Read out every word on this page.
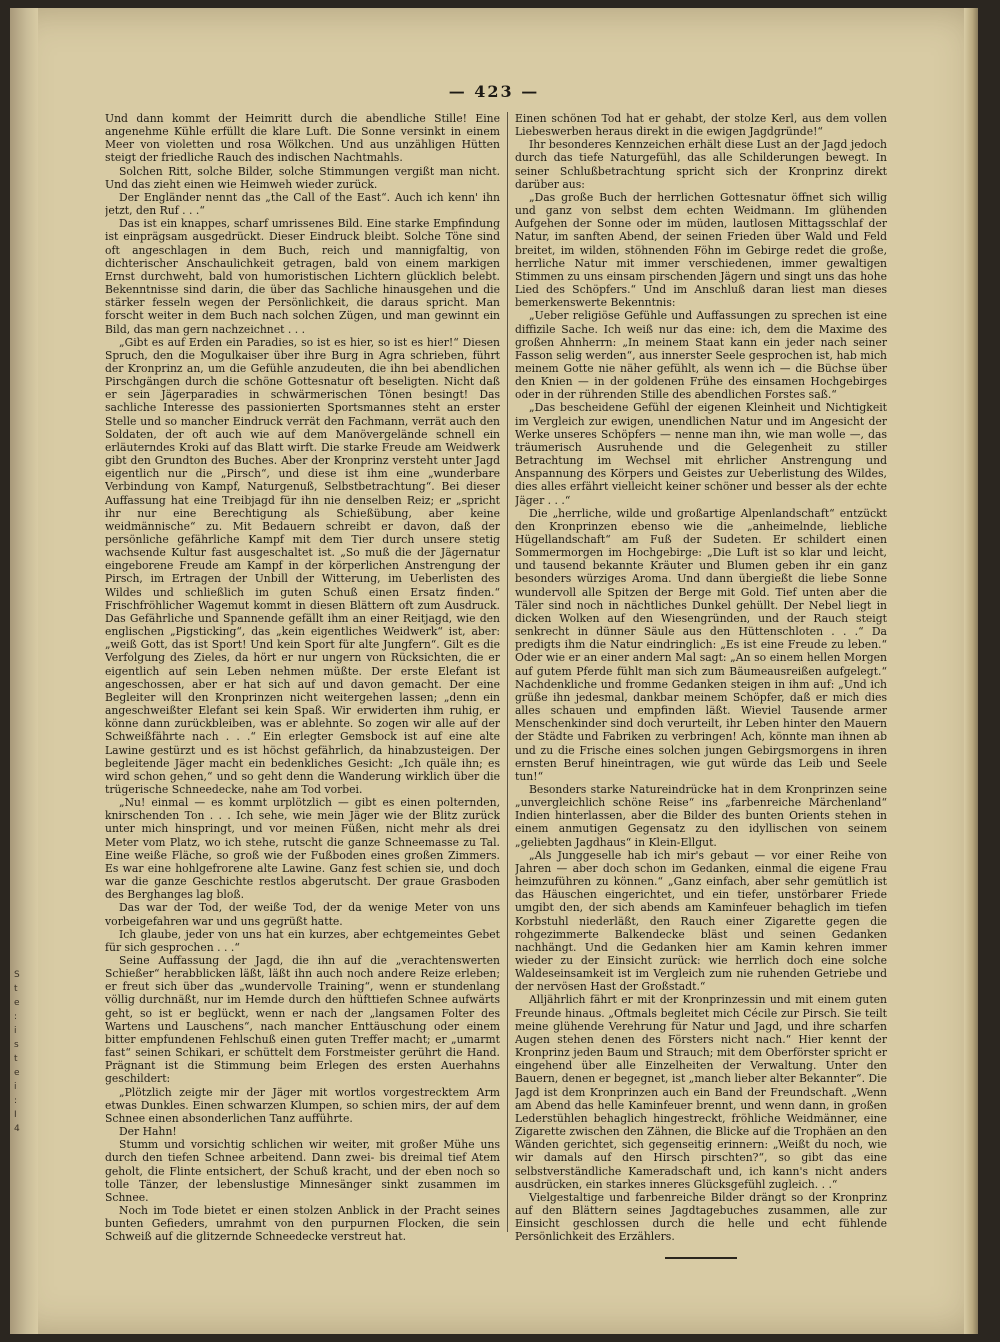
S
t
e
:
i
s
t
e
i
:
I
4
— 423 —

Und dann kommt der Heimritt durch die abendliche Stille! Eine angenehme Kühle erfüllt die klare Luft. Die Sonne versinkt in einem Meer von violetten und rosa Wölkchen. Und aus unzähligen Hütten steigt der friedliche Rauch des indischen Nachtmahls.

Solchen Ritt, solche Bilder, solche Stimmungen vergißt man nicht. Und das zieht einen wie Heimweh wieder zurück.

Der Engländer nennt das „the Call of the East“. Auch ich kenn' ihn jetzt, den Ruf . . .“

Das ist ein knappes, scharf umrissenes Bild. Eine starke Empfindung ist einprägsam ausgedrückt. Dieser Eindruck bleibt. Solche Töne sind oft angeschlagen in dem Buch, reich und mannigfaltig, von dichterischer Anschaulichkeit getragen, bald von einem markigen Ernst durchweht, bald von humoristischen Lichtern glücklich belebt. Bekenntnisse sind darin, die über das Sachliche hinausgehen und die stärker fesseln wegen der Persönlichkeit, die daraus spricht. Man forscht weiter in dem Buch nach solchen Zügen, und man gewinnt ein Bild, das man gern nachzeichnet . . .

„Gibt es auf Erden ein Paradies, so ist es hier, so ist es hier!“ Diesen Spruch, den die Mogulkaiser über ihre Burg in Agra schrieben, führt der Kronprinz an, um die Gefühle anzudeuten, die ihn bei abendlichen Pirschgängen durch die schöne Gottesnatur oft beseligten. Nicht daß er sein Jägerparadies in schwärmerischen Tönen besingt! Das sachliche Interesse des passioniertеn Sportsmannes steht an erster Stelle und so mancher Eindruck verrät den Fachmann, verrät auch den Soldaten, der oft auch wie auf dem Manövergelände schnell ein erläuterndes Kroki auf das Blatt wirft. Die starke Freude am Weidwerk gibt den Grundton des Buches. Aber der Kronprinz versteht unter Jagd eigentlich nur die „Pirsch“, und diese ist ihm eine „wunderbare Verbindung von Kampf, Naturgenuß, Selbstbetrachtung“. Bei dieser Auffassung hat eine Treibjagd für ihn nie denselben Reiz; er „spricht ihr nur eine Berechtigung als Schießübung, aber keine weidmännische“ zu. Mit Bedauern schreibt er davon, daß der persönliche gefährliche Kampf mit dem Tier durch unsere stetig wachsende Kultur fast ausgeschaltet ist. „So muß die der Jägernatur eingeborene Freude am Kampf in der körperlichen Anstrengung der Pirsch, im Ertragen der Unbill der Witterung, im Ueberlisten des Wildes und schließlich im guten Schuß einen Ersatz finden.“ Frischfröhlicher Wagemut kommt in diesen Blättern oft zum Ausdruck. Das Gefährliche und Spannende gefällt ihm an einer Reitjagd, wie den englischen „Pigsticking“, das „kein eigentliches Weidwerk“ ist, aber: „weiß Gott, das ist Sport! Und kein Sport für alte Jungfern“. Gilt es die Verfolgung des Zieles, da hört er nur ungern von Rücksichten, die er eigentlich auf sein Leben nehmen müßte. Der erste Elefant ist angeschossen, aber er hat sich auf und davon gemacht. Der eine Begleiter will den Kronprinzen nicht weitergehen lassen; „denn ein angeschweißter Elefant sei kein Spaß. Wir erwiderten ihm ruhig, er könne dann zurückbleiben, was er ablehnte. So zogen wir alle auf der Schweißfährte nach . . .“ Ein erlegter Gemsbock ist auf eine alte Lawine gestürzt und es ist höchst gefährlich, da hinabzusteigen. Der begleitende Jäger macht ein bedenkliches Gesicht: „Ich quäle ihn; es wird schon gehen,“ und so geht denn die Wanderung wirklich über die trügerische Schneedecke, nahe am Tod vorbei.

„Nu! einmal — es kommt urplötzlich — gibt es einen polternden, knirschenden Ton . . . Ich sehe, wie mein Jäger wie der Blitz zurück unter mich hinspringt, und vor meinen Füßen, nicht mehr als drei Meter vom Platz, wo ich stehe, rutscht die ganze Schneemasse zu Tal. Eine weiße Fläche, so groß wie der Fußboden eines großen Zimmers. Es war eine hohlgefrorene alte Lawine. Ganz fest schien sie, und doch war die ganze Geschichte restlos abgerutscht. Der graue Grasboden des Berghanges lag bloß.

Das war der Tod, der weiße Tod, der da wenige Meter von uns vorbeigefahren war und uns gegrüßt hatte.

Ich glaube, jeder von uns hat ein kurzes, aber echtgemeintes Gebet für sich gesprochen . . .“

Seine Auffassung der Jagd, die ihn auf die „verachtenswerten Schießer“ herabblicken läßt, läßt ihn auch noch andere Reize erleben; er freut sich über das „wundervolle Training“, wenn er stundenlang völlig durchnäßt, nur im Hemde durch den hüfttiefen Schnee aufwärts geht, so ist er beglückt, wenn er nach der „langsamen Folter des Wartens und Lauschens“, nach mancher Enttäuschung oder einem bitter empfundenen Fehlschuß einen guten Treffer macht; er „umarmt fast“ seinen Schikari, er schüttelt dem Forstmeister gerührt die Hand. Prägnant ist die Stimmung beim Erlegen des ersten Auerhahns geschildert:

„Plötzlich zeigte mir der Jäger mit wortlos vorgestrecktem Arm etwas Dunkles. Einen schwarzen Klumpen, so schien mirs, der auf dem Schnee einen absonderlichen Tanz aufführte.

Der Hahn!

Stumm und vorsichtig schlichen wir weiter, mit großer Mühe uns durch den tiefen Schnee arbeitend. Dann zwei- bis dreimal tief Atem geholt, die Flinte entsichert, der Schuß kracht, und der eben noch so tolle Tänzer, der lebenslustige Minnesänger sinkt zusammen im Schnee.

Noch im Tode bietet er einen stolzen Anblick in der Pracht seines bunten Gefieders, umrahmt von den purpurnen Flocken, die sein Schweiß auf die glitzernde Schneedecke verstreut hat.

Einen schönen Tod hat er gehabt, der stolze Kerl, aus dem vollen Liebeswerben heraus direkt in die ewigen Jagdgründe!“

Ihr besonderes Kennzeichen erhält diese Lust an der Jagd jedoch durch das tiefe Naturgefühl, das alle Schilderungen bewegt. In seiner Schlußbetrachtung spricht sich der Kronprinz direkt darüber aus:

„Das große Buch der herrlichen Gottesnatur öffnet sich willig und ganz von selbst dem echten Weidmann. Im glühenden Aufgehen der Sonne oder im müden, lautlosen Mittagsschlaf der Natur, im sanften Abend, der seinen Frieden über Wald und Feld breitet, im wilden, stöhnenden Föhn im Gebirge redet die große, herrliche Natur mit immer verschiedenen, immer gewaltigen Stimmen zu uns einsam pirschenden Jägern und singt uns das hohe Lied des Schöpfers.“ Und im Anschluß daran liest man dieses bemerkenswerte Bekenntnis:

„Ueber religiöse Gefühle und Auffassungen zu sprechen ist eine diffizile Sache. Ich weiß nur das eine: ich, dem die Maxime des großen Ahnherrn: „In meinem Staat kann ein jeder nach seiner Fasson selig werden“, aus innerster Seele gesprochen ist, hab mich meinem Gotte nie näher gefühlt, als wenn ich — die Büchse über den Knien — in der goldenen Frühe des einsamen Hochgebirges oder in der rührenden Stille des abendlichen Forstes saß.“

„Das bescheidene Gefühl der eigenen Kleinheit und Nichtigkeit im Vergleich zur ewigen, unendlichen Natur und im Angesicht der Werke unseres Schöpfers — nenne man ihn, wie man wolle —, das träumerisch Ausruhende und die Gelegenheit zu stiller Betrachtung im Wechsel mit ehrlicher Anstrengung und Anspannung des Körpers und Geistes zur Ueberlistung des Wildes, dies alles erfährt vielleicht keiner schöner und besser als der echte Jäger . . .“

Die „herrliche, wilde und großartige Alpenlandschaft“ entzückt den Kronprinzen ebenso wie die „anheimelnde, liebliche Hügellandschaft“ am Fuß der Sudeten. Er schildert einen Sommermorgen im Hochgebirge: „Die Luft ist so klar und leicht, und tausend bekannte Kräuter und Blumen geben ihr ein ganz besonders würziges Aroma. Und dann übergießt die liebe Sonne wundervoll alle Spitzen der Berge mit Gold. Tief unten aber die Täler sind noch in nächtliches Dunkel gehüllt. Der Nebel liegt in dicken Wolken auf den Wiesengründen, und der Rauch steigt senkrecht in dünner Säule aus den Hüttenschloten . . .“ Da predigts ihm die Natur eindringlich: „Es ist eine Freude zu leben.“ Oder wie er an einer andern Mal sagt: „An so einem hellen Morgen auf gutem Pferde fühlt man sich zum Bäumeausreißen aufgelegt.“ Nachdenkliche und fromme Gedanken steigen in ihm auf: „Und ich grüße ihn jedesmal, dankbar meinem Schöpfer, daß er mich dies alles schauen und empfinden läßt. Wieviel Tausende armer Menschenkinder sind doch verurteilt, ihr Leben hinter den Mauern der Städte und Fabriken zu verbringen! Ach, könnte man ihnen ab und zu die Frische eines solchen jungen Gebirgsmorgens in ihren ernsten Beruf hineintragen, wie gut würde das Leib und Seele tun!“

Besonders starke Natureindrücke hat in dem Kronprinzen seine „unvergleichlich schöne Reise“ ins „farbenreiche Märchenland“ Indien hinterlassen, aber die Bilder des bunten Orients stehen in einem anmutigen Gegensatz zu den idyllischen von seinem „geliebten Jagdhaus“ in Klein-Ellgut.

„Als Junggeselle hab ich mir's gebaut — vor einer Reihe von Jahren — aber doch schon im Gedanken, einmal die eigene Frau heimzuführen zu können.“ „Ganz einfach, aber sehr gemütlich ist das Häuschen eingerichtet, und ein tiefer, unstörbarer Friede umgibt den, der sich abends am Kaminfeuer behaglich im tiefen Korbstuhl niederläßt, den Rauch einer Zigarette gegen die rohgezimmerte Balkendecke bläst und seinen Gedanken nachhängt. Und die Gedanken hier am Kamin kehren immer wieder zu der Einsicht zurück: wie herrlich doch eine solche Waldeseinsamkeit ist im Vergleich zum nie ruhenden Getriebe und der nervösen Hast der Großstadt.“

Alljährlich fährt er mit der Kronprinzessin und mit einem guten Freunde hinaus. „Oftmals begleitet mich Cécile zur Pirsch. Sie teilt meine glühende Verehrung für Natur und Jagd, und ihre scharfen Augen stehen denen des Försters nicht nach.“ Hier kennt der Kronprinz jeden Baum und Strauch; mit dem Oberförster spricht er eingehend über alle Einzelheiten der Verwaltung. Unter den Bauern, denen er begegnet, ist „manch lieber alter Bekannter“. Die Jagd ist dem Kronprinzen auch ein Band der Freundschaft. „Wenn am Abend das helle Kaminfeuer brennt, und wenn dann, in großen Lederstühlen behaglich hingestreckt, fröhliche Weidmänner, eine Zigarette zwischen den Zähnen, die Blicke auf die Trophäen an den Wänden gerichtet, sich gegenseitig erinnern: „Weißt du noch, wie wir damals auf den Hirsch pirschten?“, so gibt das eine selbstverständliche Kameradschaft und, ich kann's nicht anders ausdrücken, ein starkes inneres Glücksgefühl zugleich. . .“

Vielgestaltige und farbenreiche Bilder drängt so der Kronprinz auf den Blättern seines Jagdtagebuches zusammen, alle zur Einsicht geschlossen durch die helle und echt fühlende Persönlichkeit des Erzählers.
